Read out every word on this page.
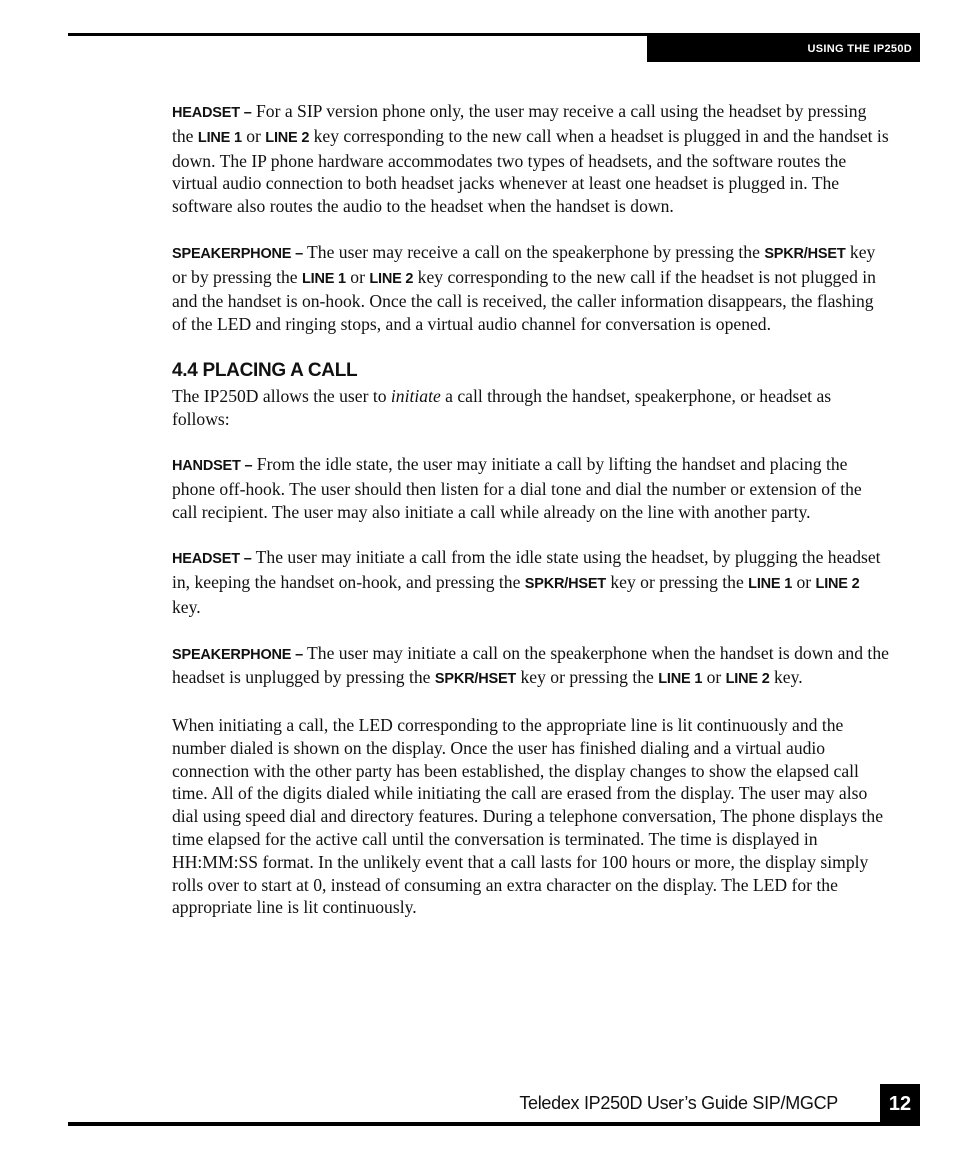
USING THE IP250D

HEADSET – For a SIP version phone only, the user may receive a call using the headset by pressing the LINE 1 or LINE 2 key corresponding to the new call when a headset is plugged in and the handset is down. The IP phone hardware accommodates two types of headsets, and the software routes the virtual audio connection to both headset jacks whenever at least one headset is plugged in. The software also routes the audio to the headset when the handset is down.

SPEAKERPHONE – The user may receive a call on the speakerphone by pressing the SPKR/HSET key or by pressing the LINE 1 or LINE 2 key corresponding to the new call if the headset is not plugged in and the handset is on-hook. Once the call is received, the caller information disappears, the flashing of the LED and ringing stops, and a virtual audio channel for conversation is opened.

4.4 PLACING A CALL

The IP250D allows the user to initiate a call through the handset, speakerphone, or headset as follows:

HANDSET – From the idle state, the user may initiate a call by lifting the handset and placing the phone off-hook. The user should then listen for a dial tone and dial the number or extension of the call recipient. The user may also initiate a call while already on the line with another party.

HEADSET – The user may initiate a call from the idle state using the headset, by plugging the headset in, keeping the handset on-hook, and pressing the SPKR/HSET key or pressing the LINE 1 or LINE 2 key.

SPEAKERPHONE – The user may initiate a call on the speakerphone when the handset is down and the headset is unplugged by pressing the SPKR/HSET key or pressing the LINE 1 or LINE 2 key.

When initiating a call, the LED corresponding to the appropriate line is lit continuously and the number dialed is shown on the display. Once the user has finished dialing and a virtual audio connection with the other party has been established, the display changes to show the elapsed call time. All of the digits dialed while initiating the call are erased from the display. The user may also dial using speed dial and directory features. During a telephone conversation, The phone displays the time elapsed for the active call until the conversation is terminated. The time is displayed in HH:MM:SS format. In the unlikely event that a call lasts for 100 hours or more, the display simply rolls over to start at 0, instead of consuming an extra character on the display. The LED for the appropriate line is lit continuously.

Teledex IP250D User’s Guide SIP/MGCP	12
